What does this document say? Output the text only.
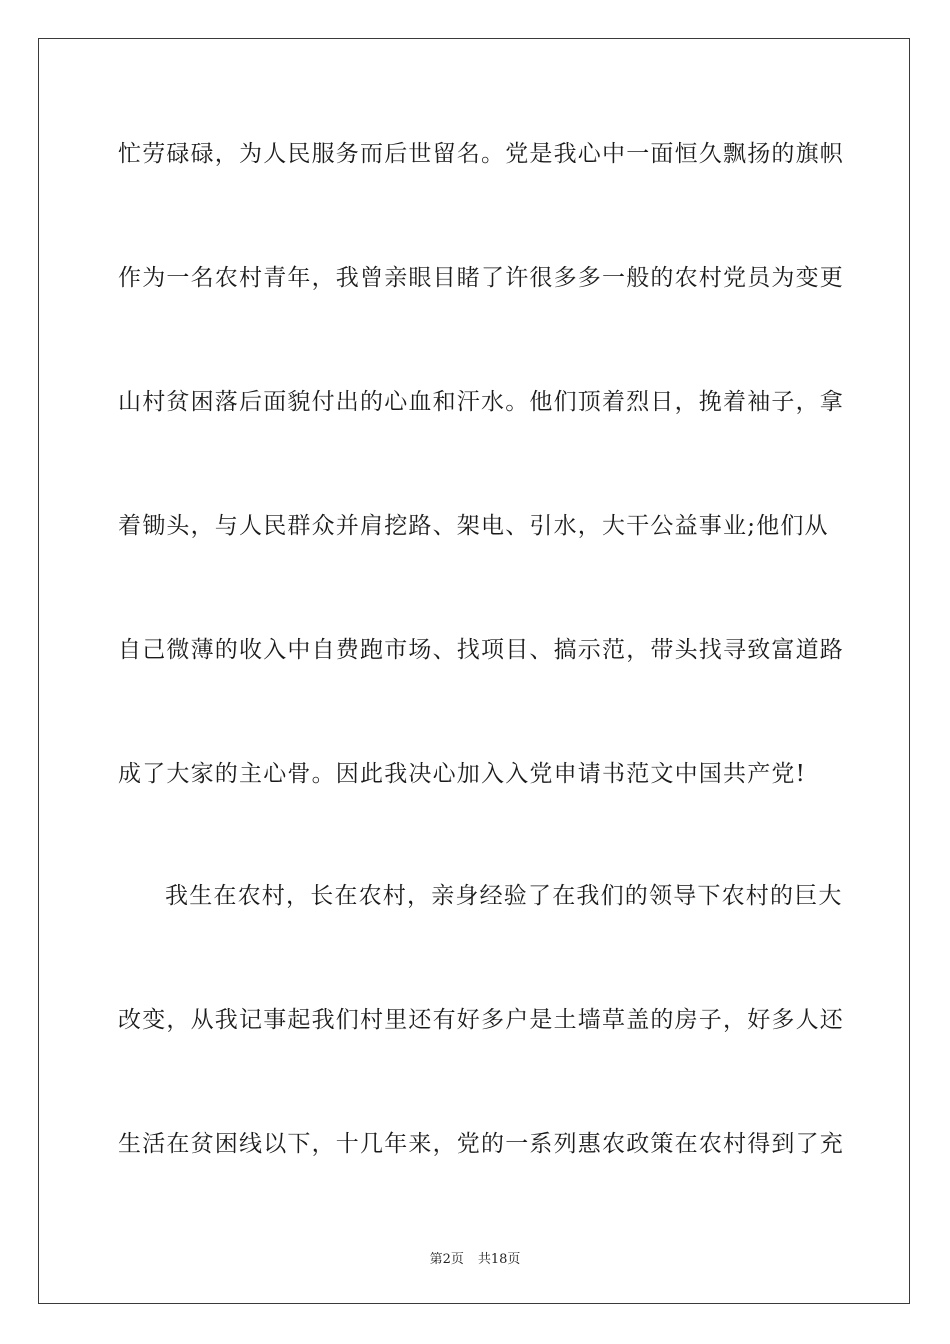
忙劳碌碌，为人民服务而后世留名。党是我心中一面恒久飘扬的旗帜
作为一名农村青年，我曾亲眼目睹了许很多多一般的农村党员为变更
山村贫困落后面貌付出的心血和汗水。他们顶着烈日，挽着袖子，拿
着锄头，与人民群众并肩挖路、架电、引水，大干公益事业;他们从
自己微薄的收入中自费跑市场、找项目、搞示范，带头找寻致富道路
成了大家的主心骨。因此我决心加入入党申请书范文中国共产党!
我生在农村，长在农村，亲身经验了在我们的领导下农村的巨大
改变，从我记事起我们村里还有好多户是土墙草盖的房子，好多人还
生活在贫困线以下，十几年来，党的一系列惠农政策在农村得到了充
第2页 共18页
